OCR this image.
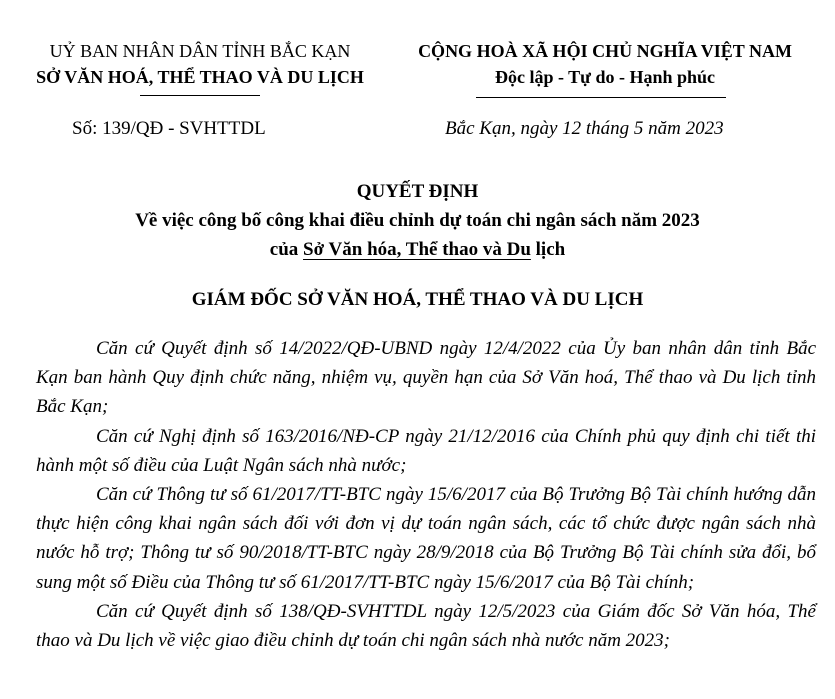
UỶ BAN NHÂN DÂN TỈNH BẮC KẠN
SỞ VĂN HOÁ, THỂ THAO VÀ DU LỊCH
CỘNG HOÀ XÃ HỘI CHỦ NGHĨA VIỆT NAM
Độc lập - Tự do - Hạnh phúc
Số: 139/QĐ - SVHTTDL	Bắc Kạn, ngày 12 tháng 5 năm 2023
QUYẾT ĐỊNH
Về việc công bố công khai điều chỉnh dự toán chi ngân sách năm 2023
của Sở Văn hóa, Thể thao và Du lịch
GIÁM ĐỐC SỞ VĂN HOÁ, THỂ THAO VÀ DU LỊCH

Căn cứ Quyết định số 14/2022/QĐ-UBND ngày 12/4/2022 của Ủy ban nhân dân tỉnh Bắc Kạn ban hành Quy định chức năng, nhiệm vụ, quyền hạn của Sở Văn hoá, Thể thao và Du lịch tỉnh Bắc Kạn;

Căn cứ Nghị định số 163/2016/NĐ-CP ngày 21/12/2016 của Chính phủ quy định chi tiết thi hành một số điều của Luật Ngân sách nhà nước;

Căn cứ Thông tư số 61/2017/TT-BTC ngày 15/6/2017 của Bộ Trưởng Bộ Tài chính hướng dẫn thực hiện công khai ngân sách đối với đơn vị dự toán ngân sách, các tổ chức được ngân sách nhà nước hỗ trợ; Thông tư số 90/2018/TT-BTC ngày 28/9/2018 của Bộ Trưởng Bộ Tài chính sửa đổi, bổ sung một số Điều của Thông tư số 61/2017/TT-BTC ngày 15/6/2017 của Bộ Tài chính;

Căn cứ Quyết định số 138/QĐ-SVHTTDL ngày 12/5/2023 của Giám đốc Sở Văn hóa, Thể thao và Du lịch về việc giao điều chỉnh dự toán chi ngân sách nhà nước năm 2023;
